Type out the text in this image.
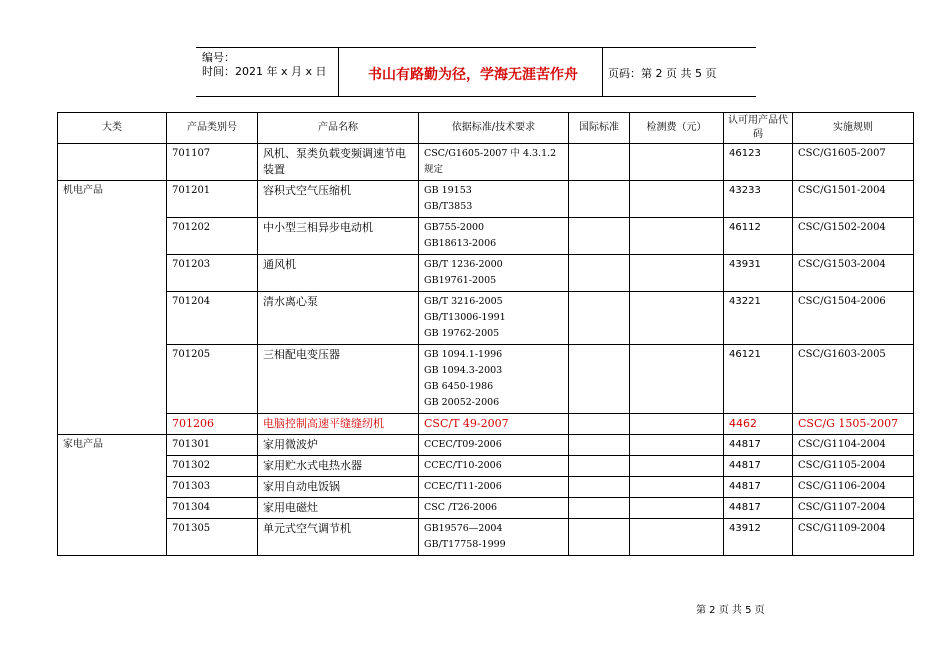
编号：
时间：2021 年 x 月 x 日	书山有路勤为径，学海无涯苦作舟	页码：第 2 页 共 5 页
大类	产品类别号	产品名称	依据标准/技术要求	国际标准	检测费（元）	认可用产品代码	实施规则
	701107	风机、泵类负载变频调速节电装置	CSC/G1605-2007 中 4.3.1.2 规定			46123	CSC/G1605-2007
机电产品	701201	容积式空气压缩机	GB 19153
GB/T3853			43233	CSC/G1501-2004
	701202	中小型三相异步电动机	GB755-2000
GB18613-2006			46112	CSC/G1502-2004
	701203	通风机	GB/T 1236-2000
GB19761-2005			43931	CSC/G1503-2004
	701204	清水离心泵	GB/T 3216-2005
GB/T13006-1991
GB 19762-2005			43221	CSC/G1504-2006
	701205	三相配电变压器	GB 1094.1-1996
GB 1094.3-2003
GB 6450-1986
GB 20052-2006			46121	CSC/G1603-2005
	701206	电脑控制高速平缝缝纫机	CSC/T 49-2007			4462	CSC/G 1505-2007
家电产品	701301	家用微波炉	CCEC/T09-2006			44817	CSC/G1104-2004
	701302	家用贮水式电热水器	CCEC/T10-2006			44817	CSC/G1105-2004
	701303	家用自动电饭锅	CCEC/T11-2006			44817	CSC/G1106-2004
	701304	家用电磁灶	CSC /T26-2006			44817	CSC/G1107-2004
	701305	单元式空气调节机	GB19576—2004
GB/T17758-1999			43912	CSC/G1109-2004
第 2 页 共 5 页
